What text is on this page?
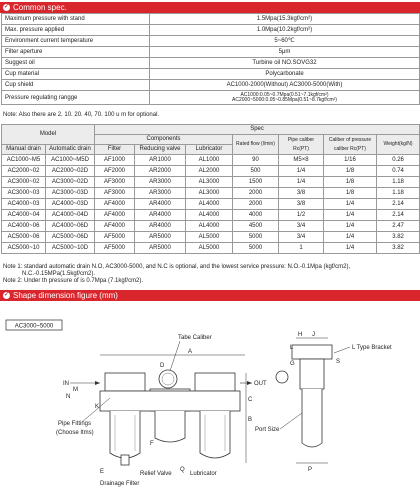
✓ Common spec.
Maximum pressure with stand	1.5Mpa(15.3kgf/cm²)
Max. pressure applied	1.0Mpa(10.2kgf/cm²)
Environment current temperature	5~60℃
Filter aperture	5μm
Suggest oil	Turbine oil NO.SOVG32
Cup material	Polycarbonate
Cup shield	AC1000-2000(Without) AC3000-5000(With)
Pressure regulating rangge	AC1000:0.05~0.7Mpa(0.51~7.1kgf/cm²)
AC2000~5000:0.05~0.85Mpa(0.51~8.7kgf/cm²)
Note: Also there are 2. 10. 20. 40, 70. 100 u m for optional.
Model		Spec						
		Components			Rated flow (l/min)	Pipe caliber Rc(PT)	Caliber of pressure caliber Rc(PT)	Weight(kg/N)
Manual drain	Automatic drain	Filter	Reducing valve	Lubricator				
AC1000~M5	AC1000~M5D	AF1000	AR1000	AL1000	90	M5×8	1/16	0.26
AC2000~02	AC2000~02D	AF2000	AR2000	AL2000	500	1/4	1/8	0.74
AC3000~02	AC3000~02D	AF3000	AR3000	AL3000	1500	1/4	1/8	1.18
AC3000~03	AC3000~03D	AF3000	AR3000	AL3000	2000	3/8	1/8	1.18
AC4000~03	AC4000~03D	AF4000	AR4000	AL4000	2000	3/8	1/4	2.14
AC4000~04	AC4000~04D	AF4000	AR4000	AL4000	4000	1/2	1/4	2.14
AC4000~06	AC4000~06D	AF4000	AR4000	AL4000	4500	3/4	1/4	2.47
AC5000~06	AC5000~06D	AF5000	AR5000	AL5000	5000	3/4	1/4	3.82
AC5000~10	AC5000~10D	AF5000	AR5000	AL5000	5000	1	1/4	3.82
Note 1: standard automatic drain N.O, AC3000-5000, and N.C is optional, and the lowest service pressure: N.O.-0.1Mpa (kgf/cm2),
N.C.-0.15MPa(1.5kgf/cm2).
Note 2: Under th pressure of is 0.7Mpa (7.1kgf/cm2).
✓ Shape dimension figure (mm)
AC3000~5000
A
Tabe Caliber
D
IN	OUT
N
M
K
B
C
E	Q
F
Pipe Fittings
(Choose Itms)
Relief Valve	Lubricator
Drainage Filter
H J
G	S
L	L Type Bracket
Port Size
P
